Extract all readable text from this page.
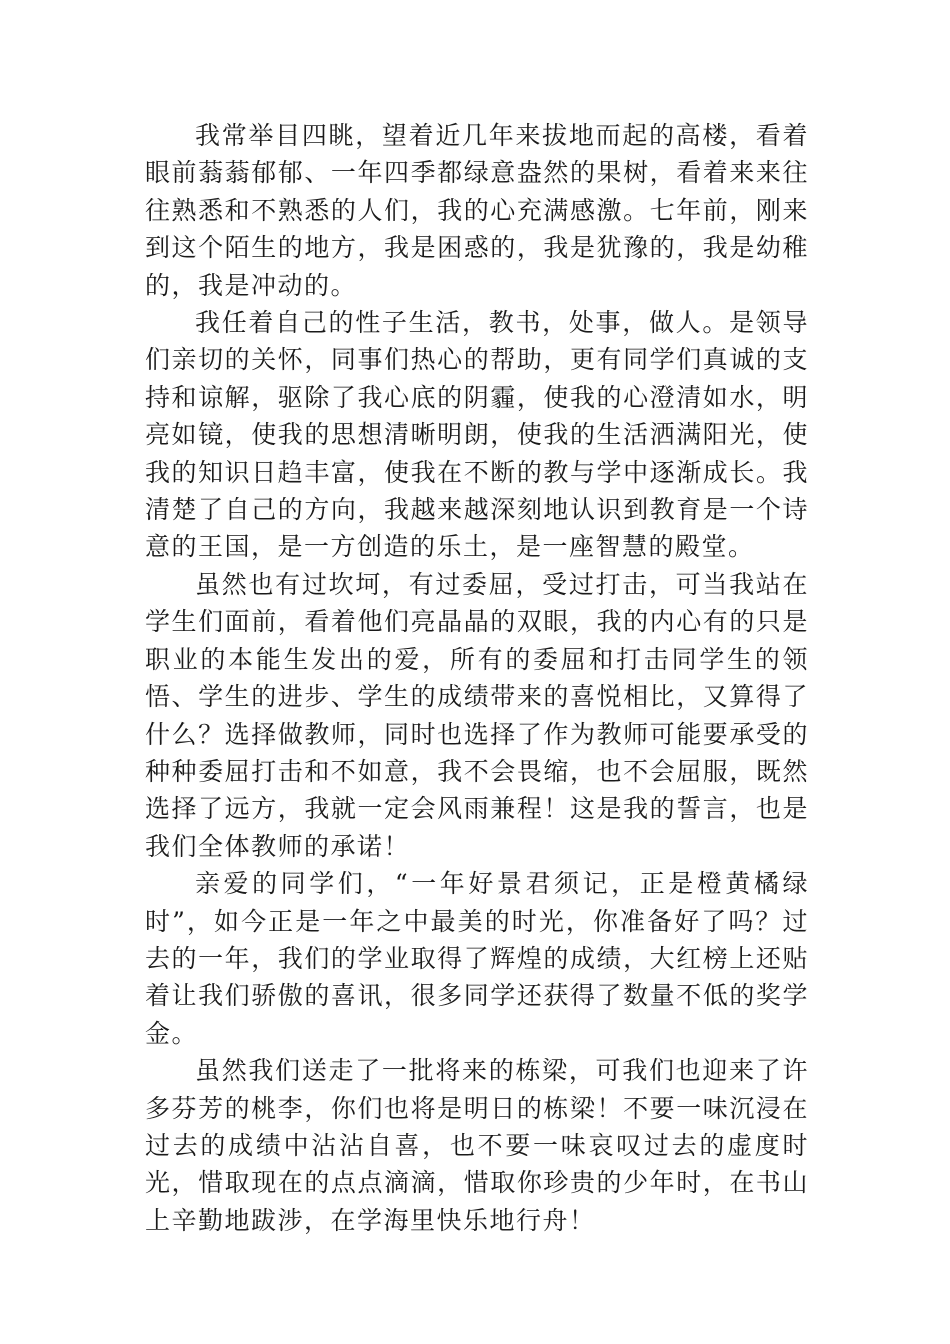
我常举目四眺，望着近几年来拔地而起的高楼，看着眼前蓊蓊郁郁、一年四季都绿意盎然的果树，看着来来往往熟悉和不熟悉的人们，我的心充满感激。七年前，刚来到这个陌生的地方，我是困惑的，我是犹豫的，我是幼稚的，我是冲动的。

我任着自己的性子生活，教书，处事，做人。是领导们亲切的关怀，同事们热心的帮助，更有同学们真诚的支持和谅解，驱除了我心底的阴霾，使我的心澄清如水，明亮如镜，使我的思想清晰明朗，使我的生活洒满阳光，使我的知识日趋丰富，使我在不断的教与学中逐渐成长。我清楚了自己的方向，我越来越深刻地认识到教育是一个诗意的王国，是一方创造的乐土，是一座智慧的殿堂。

虽然也有过坎坷，有过委屈，受过打击，可当我站在学生们面前，看着他们亮晶晶的双眼，我的内心有的只是职业的本能生发出的爱，所有的委屈和打击同学生的领悟、学生的进步、学生的成绩带来的喜悦相比，又算得了什么？选择做教师，同时也选择了作为教师可能要承受的种种委屈打击和不如意，我不会畏缩，也不会屈服，既然选择了远方，我就一定会风雨兼程！这是我的誓言，也是我们全体教师的承诺！

亲爱的同学们，“一年好景君须记，正是橙黄橘绿时”，如今正是一年之中最美的时光，你准备好了吗？过去的一年，我们的学业取得了辉煌的成绩，大红榜上还贴着让我们骄傲的喜讯，很多同学还获得了数量不低的奖学金。

虽然我们送走了一批将来的栋梁，可我们也迎来了许多芬芳的桃李，你们也将是明日的栋梁！不要一味沉浸在过去的成绩中沾沾自喜，也不要一味哀叹过去的虚度时光，惜取现在的点点滴滴，惜取你珍贵的少年时，在书山上辛勤地跋涉，在学海里快乐地行舟！
